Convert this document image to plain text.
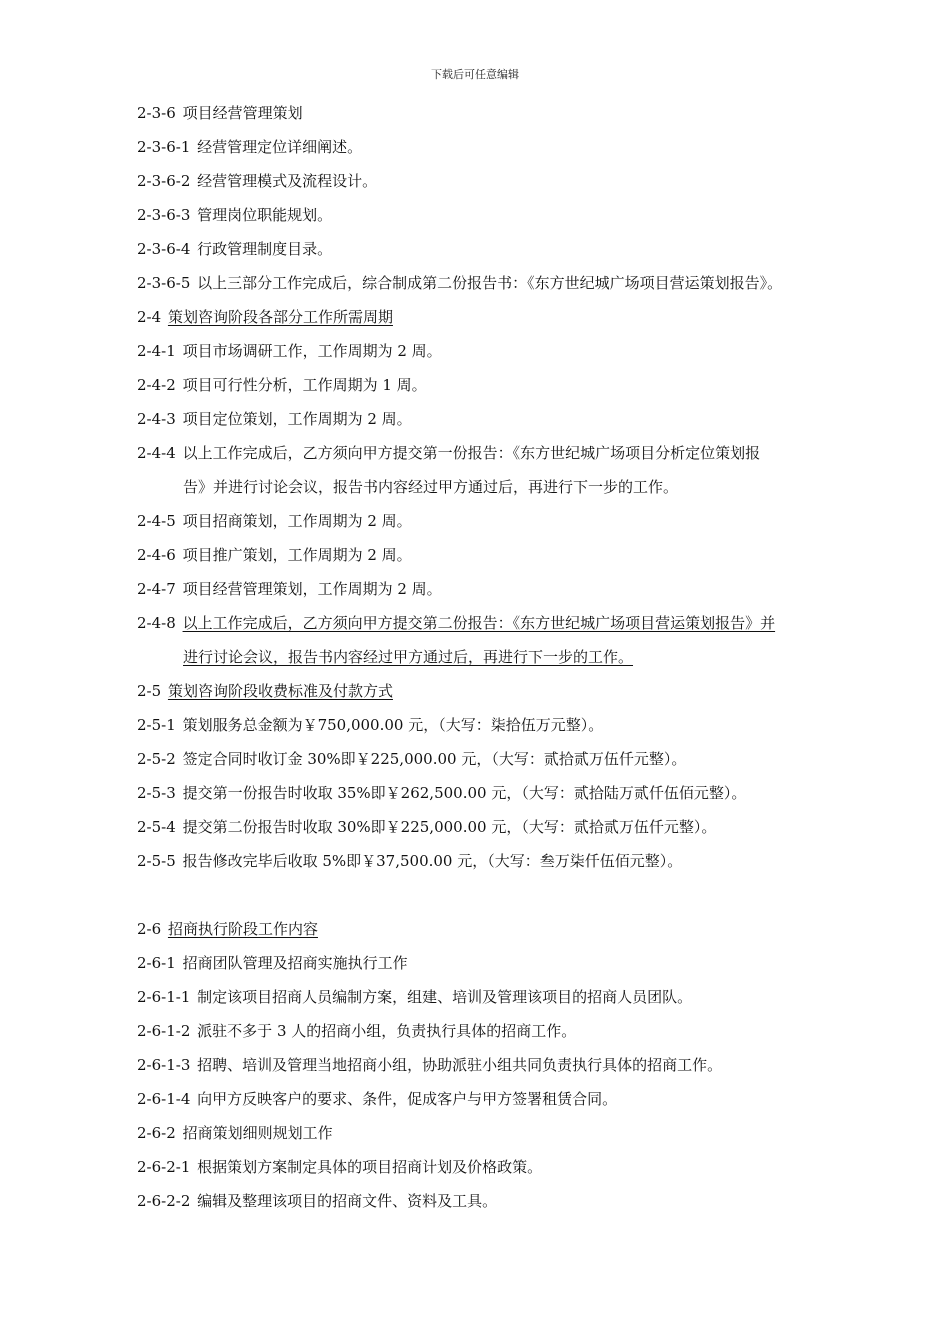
下载后可任意编辑
2-3-6 项目经营管理策划
2-3-6-1 经营管理定位详细阐述。
2-3-6-2 经营管理模式及流程设计。
2-3-6-3 管理岗位职能规划。
2-3-6-4 行政管理制度目录。
2-3-6-5 以上三部分工作完成后，综合制成第二份报告书：《东方世纪城广场项目营运策划报告》。
2-4 策划咨询阶段各部分工作所需周期
2-4-1 项目市场调研工作，工作周期为 2 周。
2-4-2 项目可行性分析，工作周期为 1 周。
2-4-3 项目定位策划，工作周期为 2 周。
2-4-4 以上工作完成后，乙方须向甲方提交第一份报告：《东方世纪城广场项目分析定位策划报
告》并进行讨论会议，报告书内容经过甲方通过后，再进行下一步的工作。
2-4-5 项目招商策划，工作周期为 2 周。
2-4-6 项目推广策划，工作周期为 2 周。
2-4-7 项目经营管理策划，工作周期为 2 周。
2-4-8 以上工作完成后，乙方须向甲方提交第二份报告：《东方世纪城广场项目营运策划报告》并
进行讨论会议，报告书内容经过甲方通过后，再进行下一步的工作。
2-5 策划咨询阶段收费标准及付款方式
2-5-1 策划服务总金额为￥750,000.00 元，（大写：柒拾伍万元整）。
2-5-2 签定合同时收订金 30%即￥225,000.00 元，（大写：贰拾贰万伍仟元整）。
2-5-3 提交第一份报告时收取 35%即￥262,500.00 元，（大写：贰拾陆万贰仟伍佰元整）。
2-5-4 提交第二份报告时收取 30%即￥225,000.00 元，（大写：贰拾贰万伍仟元整）。
2-5-5 报告修改完毕后收取 5%即￥37,500.00 元，（大写：叁万柒仟伍佰元整）。
2-6 招商执行阶段工作内容
2-6-1 招商团队管理及招商实施执行工作
2-6-1-1 制定该项目招商人员编制方案，组建、培训及管理该项目的招商人员团队。
2-6-1-2 派驻不多于 3 人的招商小组，负责执行具体的招商工作。
2-6-1-3 招聘、培训及管理当地招商小组，协助派驻小组共同负责执行具体的招商工作。
2-6-1-4 向甲方反映客户的要求、条件，促成客户与甲方签署租赁合同。
2-6-2 招商策划细则规划工作
2-6-2-1 根据策划方案制定具体的项目招商计划及价格政策。
2-6-2-2 编辑及整理该项目的招商文件、资料及工具。
